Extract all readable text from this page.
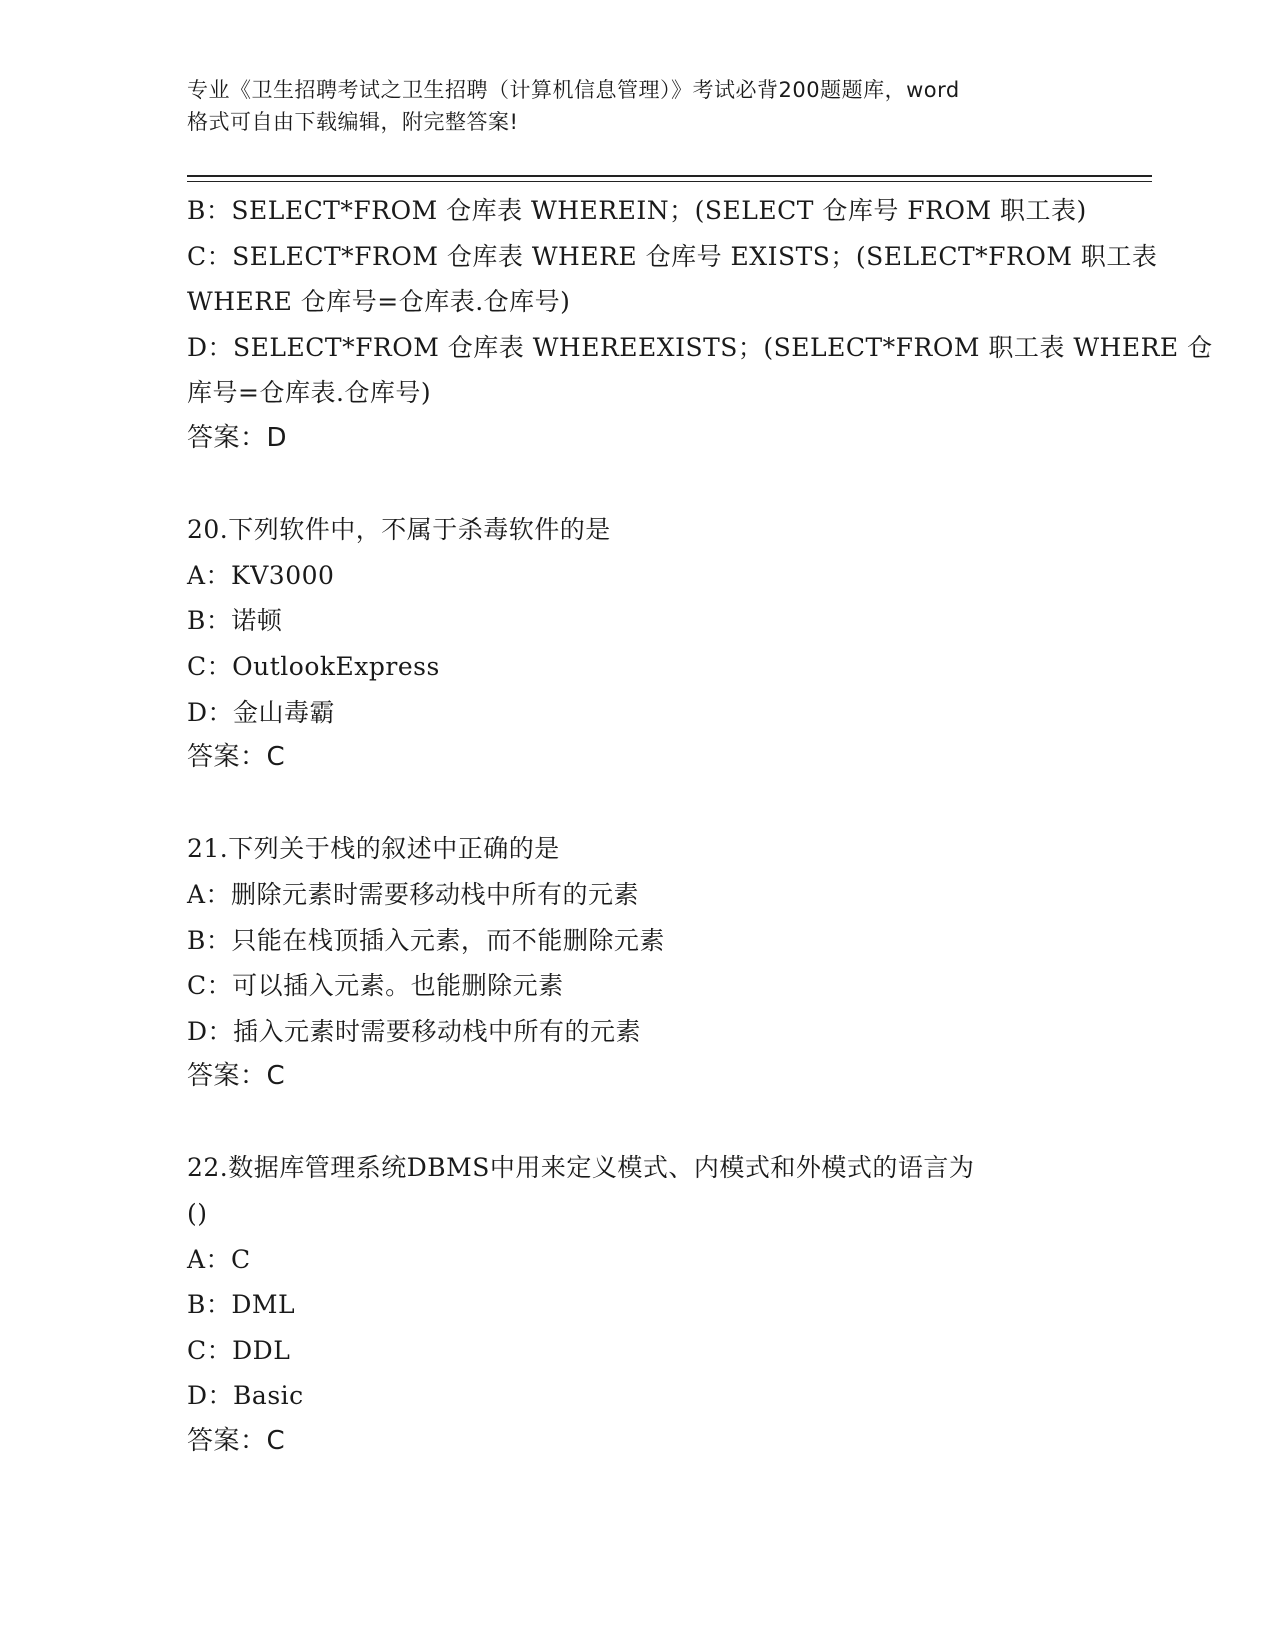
专业《卫生招聘考试之卫生招聘（计算机信息管理）》考试必背200题题库，word
格式可自由下载编辑，附完整答案!
B：SELECT*FROM 仓库表 WHEREIN；(SELECT 仓库号 FROM 职工表)
C：SELECT*FROM 仓库表 WHERE 仓库号 EXISTS；(SELECT*FROM 职工表
WHERE 仓库号=仓库表.仓库号)
D：SELECT*FROM 仓库表 WHEREEXISTS；(SELECT*FROM 职工表 WHERE 仓
库号=仓库表.仓库号)
答案：D
20.下列软件中，不属于杀毒软件的是
A：KV3000
B：诺顿
C：OutlookExpress
D：金山毒霸
答案：C
21.下列关于栈的叙述中正确的是
A：删除元素时需要移动栈中所有的元素
B：只能在栈顶插入元素，而不能删除元素
C：可以插入元素。也能删除元素
D：插入元素时需要移动栈中所有的元素
答案：C
22.数据库管理系统DBMS中用来定义模式、内模式和外模式的语言为
()
A：C
B：DML
C：DDL
D：Basic
答案：C
